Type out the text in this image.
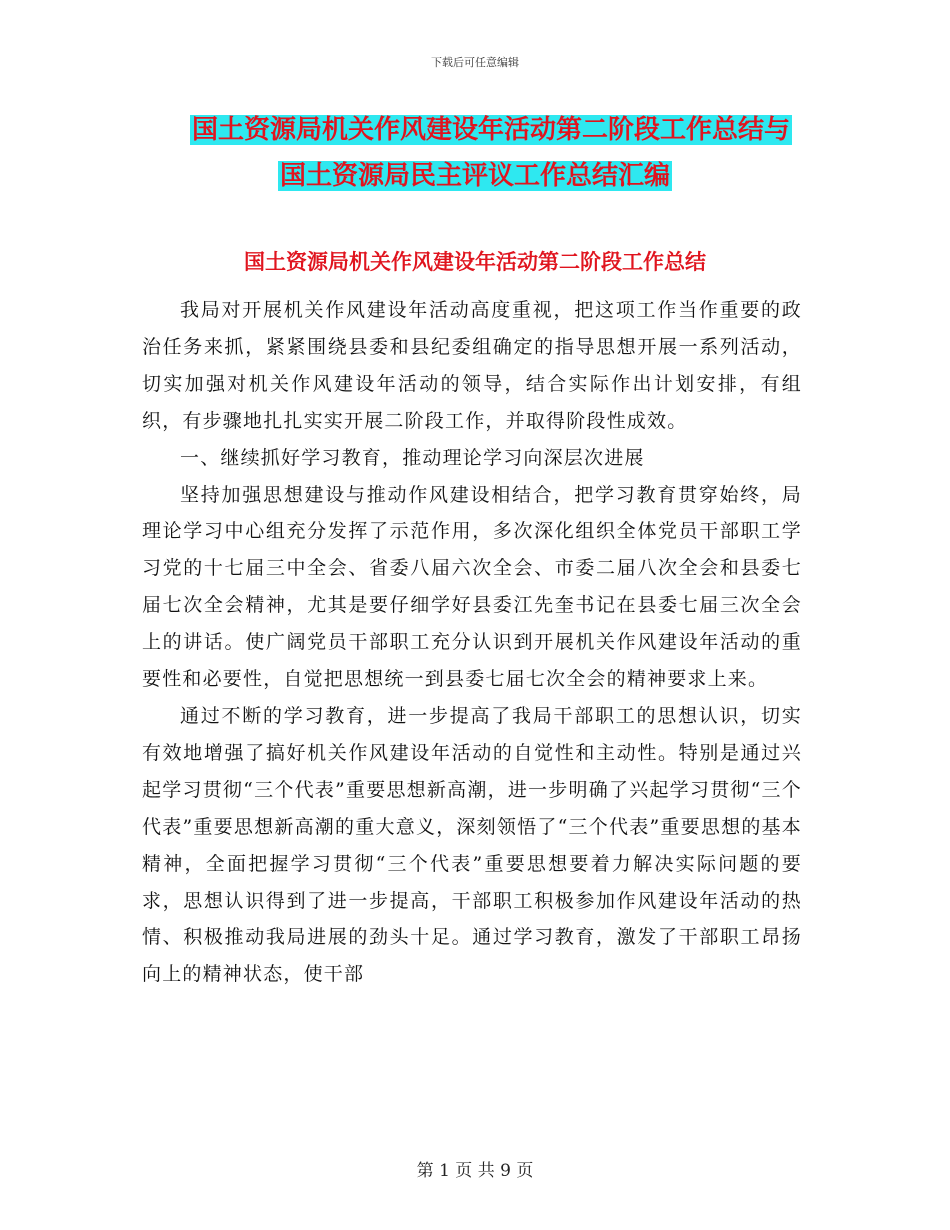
下载后可任意编辑
国土资源局机关作风建设年活动第二阶段工作总结与
国土资源局民主评议工作总结汇编
国土资源局机关作风建设年活动第二阶段工作总结

我局对开展机关作风建设年活动高度重视，把这项工作当作重要的政治任务来抓，紧紧围绕县委和县纪委组确定的指导思想开展一系列活动，切实加强对机关作风建设年活动的领导，结合实际作出计划安排，有组织，有步骤地扎扎实实开展二阶段工作，并取得阶段性成效。

一、继续抓好学习教育，推动理论学习向深层次进展

坚持加强思想建设与推动作风建设相结合，把学习教育贯穿始终，局理论学习中心组充分发挥了示范作用，多次深化组织全体党员干部职工学习党的十七届三中全会、省委八届六次全会、市委二届八次全会和县委七届七次全会精神，尤其是要仔细学好县委江先奎书记在县委七届三次全会上的讲话。使广阔党员干部职工充分认识到开展机关作风建设年活动的重要性和必要性，自觉把思想统一到县委七届七次全会的精神要求上来。

通过不断的学习教育，进一步提高了我局干部职工的思想认识，切实有效地增强了搞好机关作风建设年活动的自觉性和主动性。特别是通过兴起学习贯彻“三个代表”重要思想新高潮，进一步明确了兴起学习贯彻“三个代表”重要思想新高潮的重大意义，深刻领悟了“三个代表”重要思想的基本精神，全面把握学习贯彻“三个代表”重要思想要着力解决实际问题的要求，思想认识得到了进一步提高，干部职工积极参加作风建设年活动的热情、积极推动我局进展的劲头十足。通过学习教育，激发了干部职工昂扬向上的精神状态，使干部

第 1 页 共 9 页
